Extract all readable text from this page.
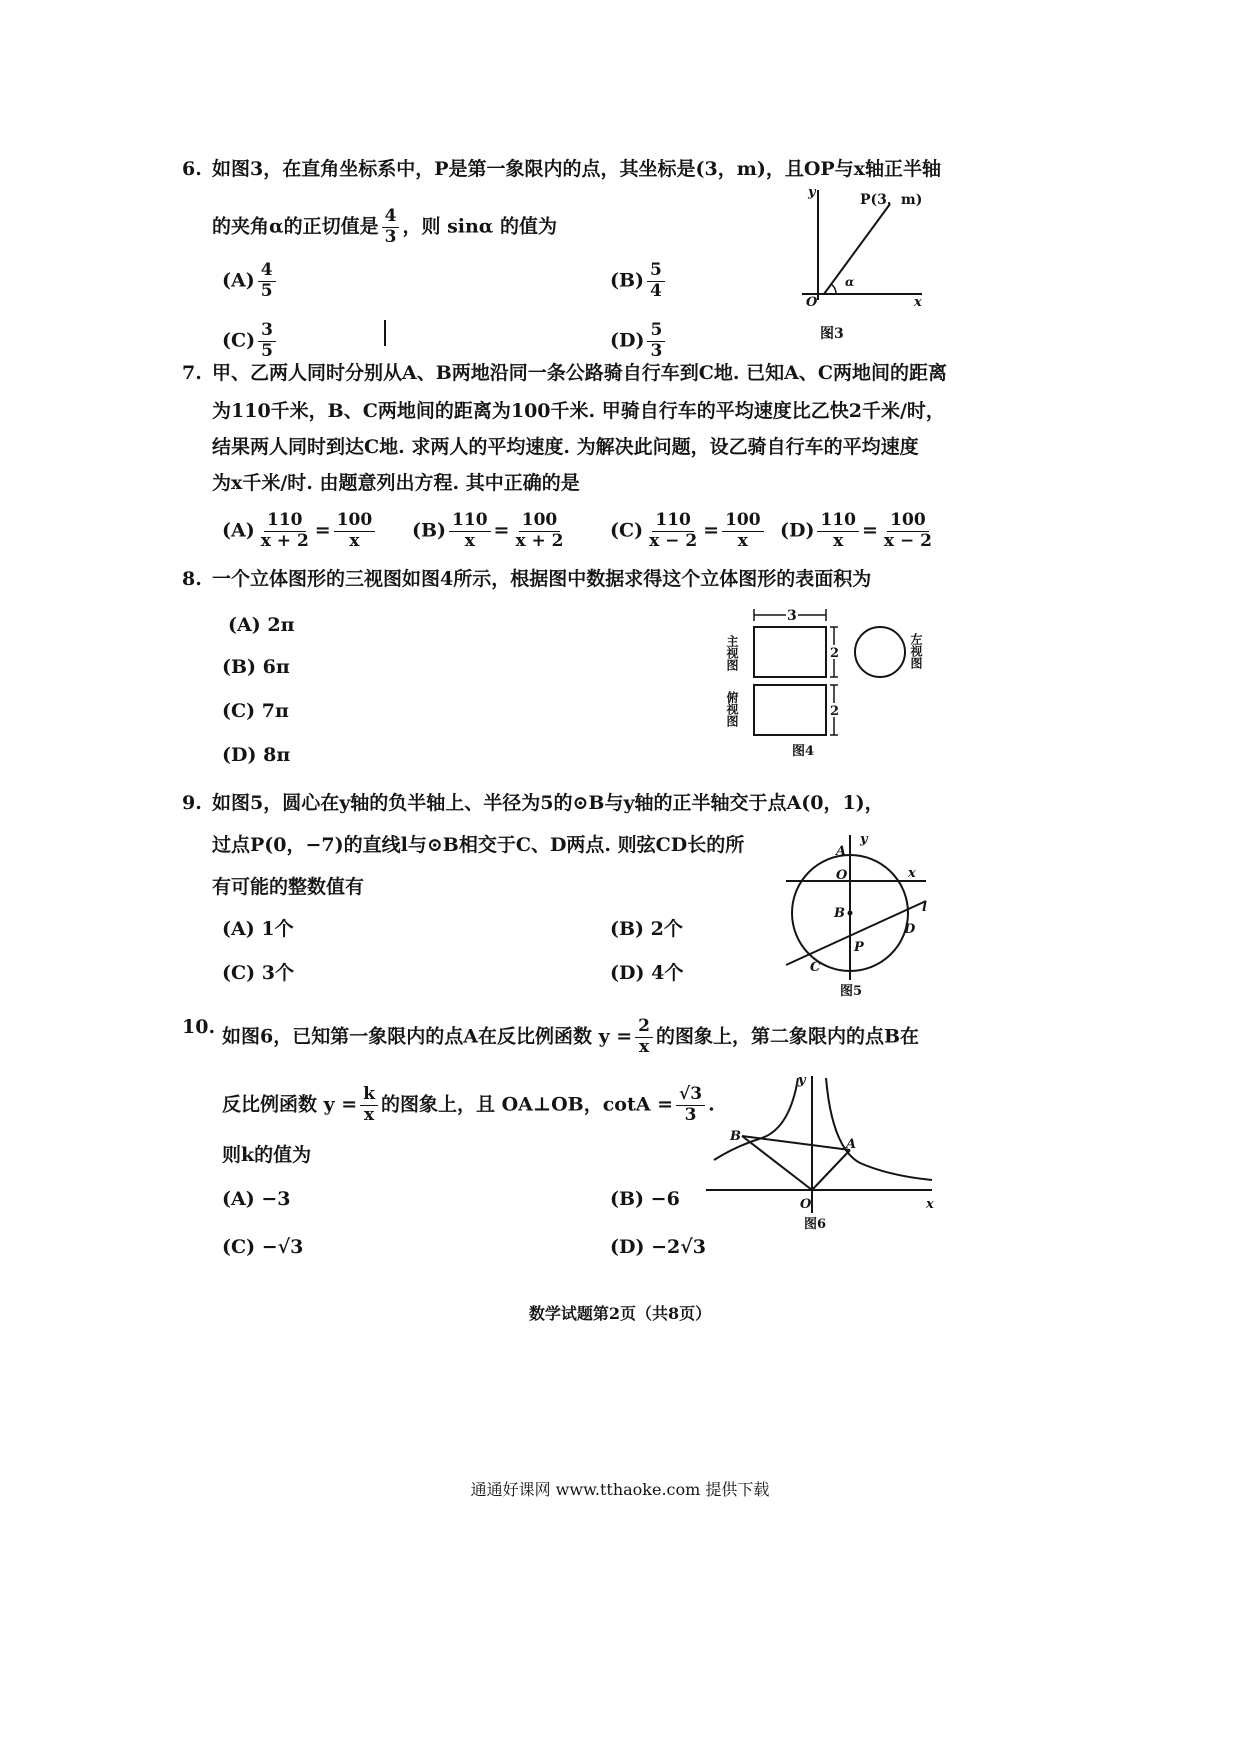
6. 如图3，在直角坐标系中，P是第一象限内的点，其坐标是(3，m)，且OP与x轴正半轴
的夹角α的正切值是 $\frac{4}{3}$ ，则 sinα 的值为
$(A) \frac{4}{5}$	$(B) \frac{5}{4}$
$(C) \frac{3}{5}$	$(D) \frac{5}{3}$
y	P(3，m)
α
O	x
图3
7. 甲、乙两人同时分别从A、B两地沿同一条公路骑自行车到C地. 已知A、C两地间的距离
为110千米，B、C两地间的距离为100千米. 甲骑自行车的平均速度比乙快2千米/时，
结果两人同时到达C地. 求两人的平均速度. 为解决此问题，设乙骑自行车的平均速度
为x千米/时. 由题意列出方程. 其中正确的是
$(A) \frac{110}{x + 2} = \frac{100}{x} (B) \frac{110}{x} = \frac{100}{x + 2} (C) \frac{110}{x - 2} = \frac{100}{x} (D) \frac{110}{x} = \frac{100}{x - 2}$
8. 一个立体图形的三视图如图4所示，根据图中数据求得这个立体图形的表面积为
(A) 2π
(B) 6π
(C) 7π
(D) 8π
3
2
2
主视图
俯视图
左视图
图4
9. 如图5，圆心在y轴的负半轴上、半径为5的⊙B与y轴的正半轴交于点A(0，1)，
过点P(0，−7)的直线l与⊙B相交于C、D两点. 则弦CD长的所
有可能的整数值有
(A) 1个	(B) 2个
(C) 3个	(D) 4个
y
A
O	x
B	l
D
P
C
图5
10. 如图6，已知第一象限内的点A在反比例函数 $y = \frac{2}{x}$ 的图象上，第二象限内的点B在
反比例函数 $y = \frac{k}{x}$ 的图象上，且 OA⊥OB，$\cot A = \frac{√3}{3}$ .
则k的值为
(A) −3	(B) −6
(C) −√3	(D) −2√3
y
B
A
O	x
图6
数学试题第2页（共8页）
通通好课网 www.tthaoke.com 提供下载
